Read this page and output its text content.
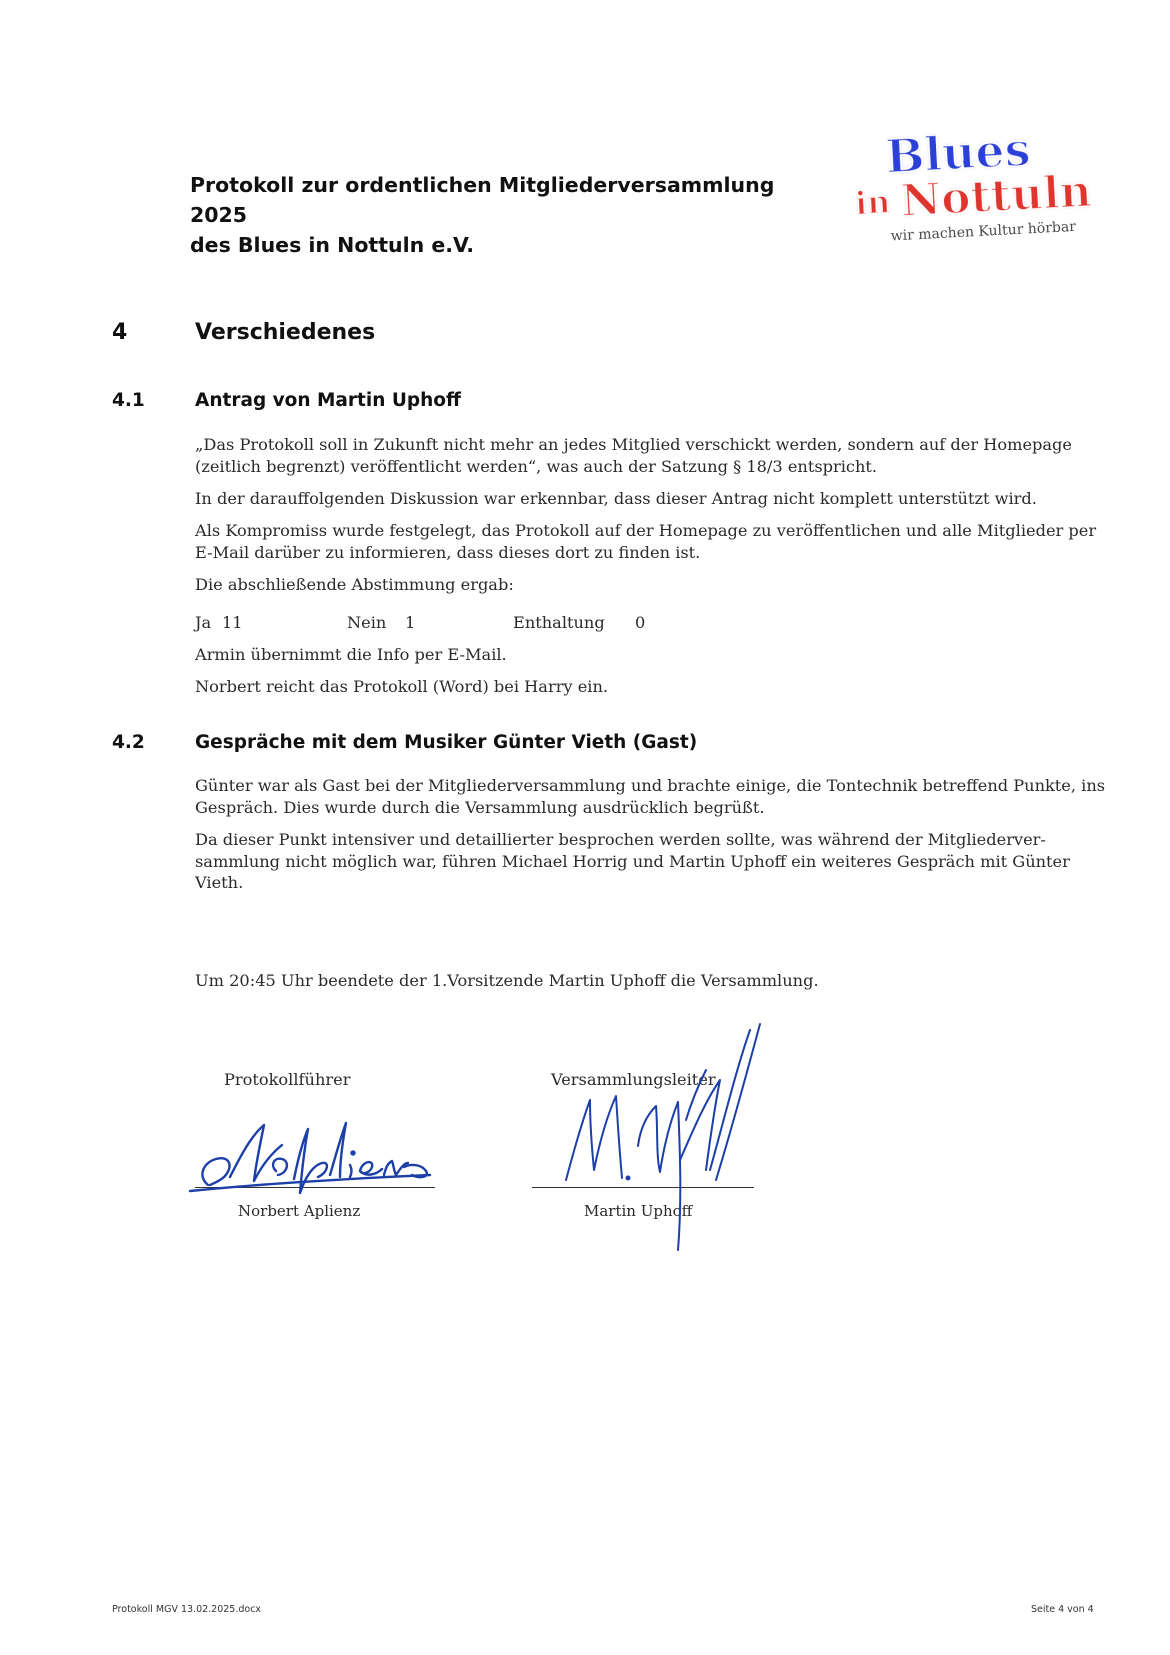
Protokoll zur ordentlichen Mitgliederversammlung 2025
des Blues in Nottuln e.V.
Blues
in Nottuln
wir machen Kultur hörbar
4	Verschiedenes
4.1	Antrag von Martin Uphoff

„Das Protokoll soll in Zukunft nicht mehr an jedes Mitglied verschickt werden, sondern auf der Homepage (zeitlich begrenzt) veröffentlicht werden“, was auch der Satzung § 18/3 entspricht.

In der darauffolgenden Diskussion war erkennbar, dass dieser Antrag nicht komplett unterstützt wird.

Als Kompromiss wurde festgelegt, das Protokoll auf der Homepage zu veröffentlichen und alle Mitglieder per E-Mail darüber zu informieren, dass dieses dort zu finden ist.

Die abschließende Abstimmung ergab:

Ja 11	Nein 1	Enthaltung 0

Armin übernimmt die Info per E-Mail.

Norbert reicht das Protokoll (Word) bei Harry ein.

4.2	Gespräche mit dem Musiker Günter Vieth (Gast)

Günter war als Gast bei der Mitgliederversammlung und brachte einige, die Tontechnik betreffend Punkte, ins Gespräch. Dies wurde durch die Versammlung ausdrücklich begrüßt.

Da dieser Punkt intensiver und detaillierter besprochen werden sollte, was während der Mitgliederver-sammlung nicht möglich war, führen Michael Horrig und Martin Uphoff ein weiteres Gespräch mit Günter Vieth.

Um 20:45 Uhr beendete der 1.Vorsitzende Martin Uphoff die Versammlung.

Protokollführer	Versammlungsleiter
Norbert Aplienz	Martin Uphoff
Protokoll MGV 13.02.2025.docx	Seite 4 von 4
